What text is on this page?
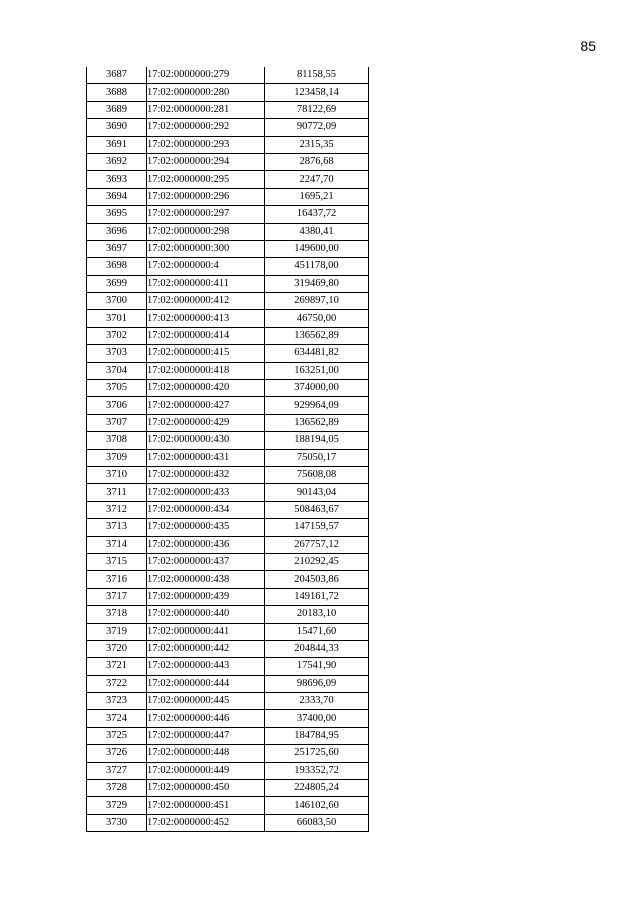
85
3687	17:02:0000000:279	81158,55
3688	17:02:0000000:280	123458,14
3689	17:02:0000000:281	78122,69
3690	17:02:0000000:292	90772,09
3691	17:02:0000000:293	2315,35
3692	17:02:0000000:294	2876,68
3693	17:02:0000000:295	2247,70
3694	17:02:0000000:296	1695,21
3695	17:02:0000000:297	16437,72
3696	17:02:0000000:298	4380,41
3697	17:02:0000000:300	149600,00
3698	17:02:0000000:4	451178,00
3699	17:02:0000000:411	319469,80
3700	17:02:0000000:412	269897,10
3701	17:02:0000000:413	46750,00
3702	17:02:0000000:414	136562,89
3703	17:02:0000000:415	634481,82
3704	17:02:0000000:418	163251,00
3705	17:02:0000000:420	374000,00
3706	17:02:0000000:427	929964,09
3707	17:02:0000000:429	136562,89
3708	17:02:0000000:430	188194,05
3709	17:02:0000000:431	75050,17
3710	17:02:0000000:432	75608,08
3711	17:02:0000000:433	90143,04
3712	17:02:0000000:434	508463,67
3713	17:02:0000000:435	147159,57
3714	17:02:0000000:436	267757,12
3715	17:02:0000000:437	210292,45
3716	17:02:0000000:438	204503,86
3717	17:02:0000000:439	149161,72
3718	17:02:0000000:440	20183,10
3719	17:02:0000000:441	15471,60
3720	17:02:0000000:442	204844,33
3721	17:02:0000000:443	17541,90
3722	17:02:0000000:444	98696,09
3723	17:02:0000000:445	2333,70
3724	17:02:0000000:446	37400,00
3725	17:02:0000000:447	184784,95
3726	17:02:0000000:448	251725,60
3727	17:02:0000000:449	193352,72
3728	17:02:0000000:450	224805,24
3729	17:02:0000000:451	146102,60
3730	17:02:0000000:452	66083,50
